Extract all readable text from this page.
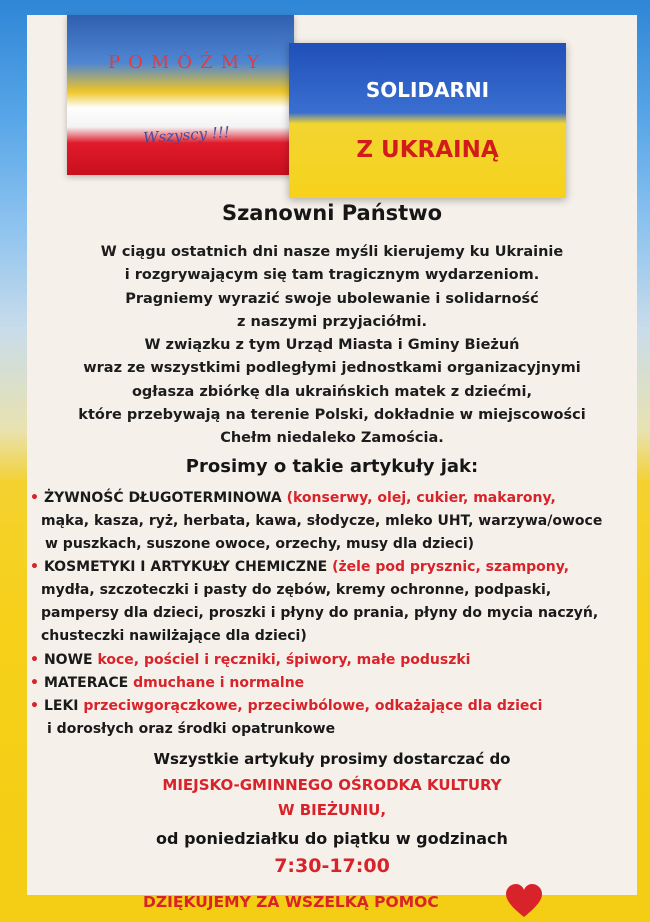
POMÓŻMY
Wszyscy !!!
SOLIDARNI
Z UKRAINĄ
Szanowni Państwo
W ciągu ostatnich dni nasze myśli kierujemy ku Ukrainie
i rozgrywającym się tam tragicznym wydarzeniom.
Pragniemy wyrazić swoje ubolewanie i solidarność
z naszymi przyjaciółmi.
W związku z tym Urząd Miasta i Gminy Bieżuń
wraz ze wszystkimi podległymi jednostkami organizacyjnymi
ogłasza zbiórkę dla ukraińskich matek z dziećmi,
które przebywają na terenie Polski, dokładnie w miejscowości
Chełm niedaleko Zamościa.
Prosimy o takie artykuły jak:
• ŻYWNOŚĆ DŁUGOTERMINOWA (konserwy, olej, cukier, makarony,
mąka, kasza, ryż, herbata, kawa, słodycze, mleko UHT, warzywa/owoce
w puszkach, suszone owoce, orzechy, musy dla dzieci)
• KOSMETYKI I ARTYKUŁY CHEMICZNE (żele pod prysznic, szampony,
mydła, szczoteczki i pasty do zębów, kremy ochronne, podpaski,
pampersy dla dzieci, proszki i płyny do prania, płyny do mycia naczyń,
chusteczki nawilżające dla dzieci)
• NOWE koce, pościel i ręczniki, śpiwory, małe poduszki
• MATERACE dmuchane i normalne
• LEKI przeciwgorączkowe, przeciwbólowe, odkażające dla dzieci
i dorosłych oraz środki opatrunkowe
Wszystkie artykuły prosimy dostarczać do
MIEJSKO-GMINNEGO OŚRODKA KULTURY
W BIEŻUNIU,
od poniedziałku do piątku w godzinach
7:30-17:00
DZIĘKUJEMY ZA WSZELKĄ POMOC
